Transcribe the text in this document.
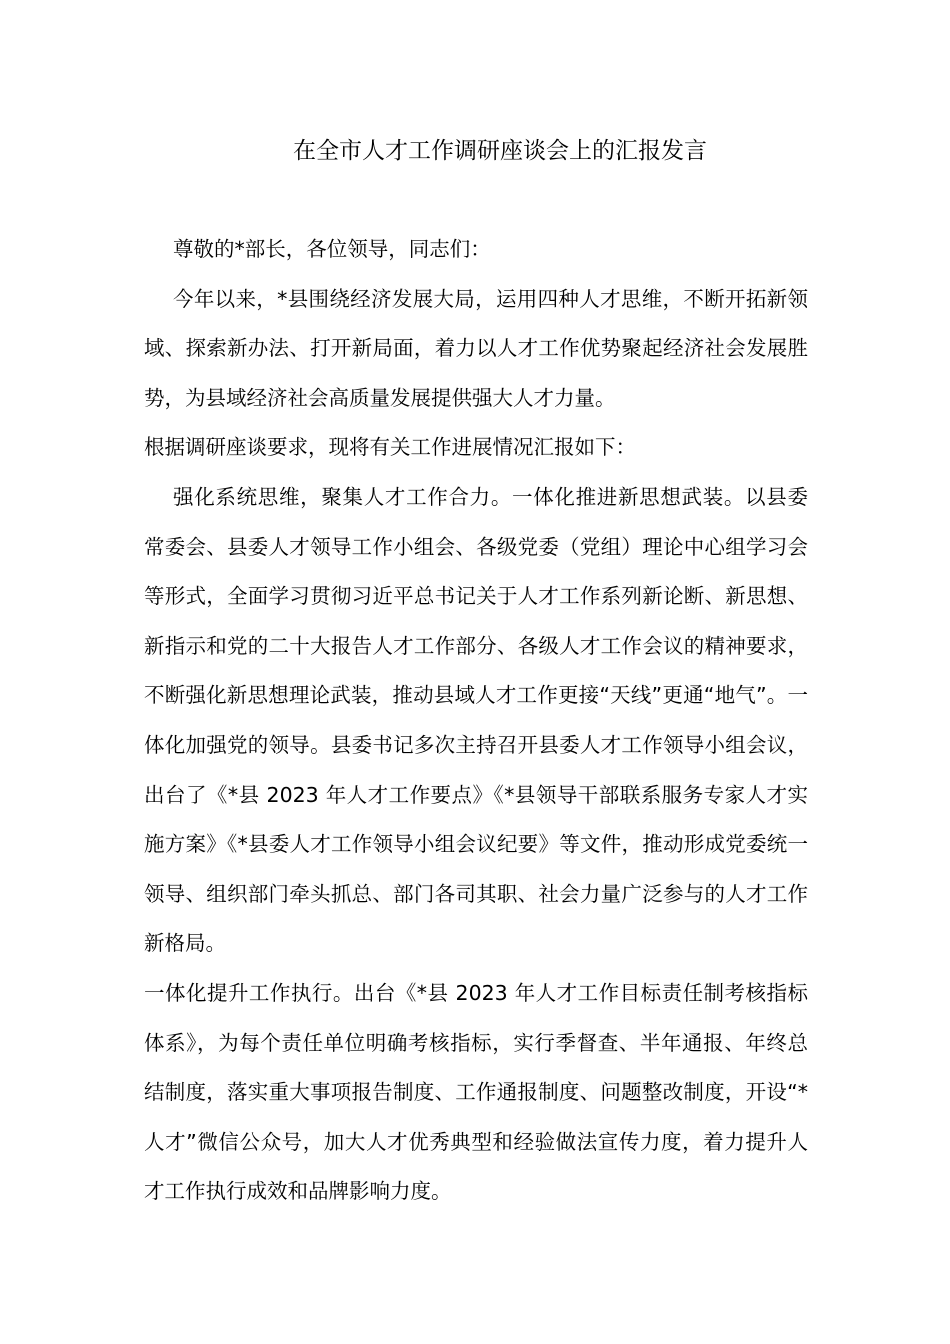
在全市人才工作调研座谈会上的汇报发言

尊敬的*部长，各位领导，同志们：

今年以来，*县围绕经济发展大局，运用四种人才思维，不断开拓新领域、探索新办法、打开新局面，着力以人才工作优势聚起经济社会发展胜势，为县域经济社会高质量发展提供强大人才力量。

根据调研座谈要求，现将有关工作进展情况汇报如下：

强化系统思维，聚集人才工作合力。一体化推进新思想武装。以县委常委会、县委人才领导工作小组会、各级党委（党组）理论中心组学习会等形式，全面学习贯彻习近平总书记关于人才工作系列新论断、新思想、新指示和党的二十大报告人才工作部分、各级人才工作会议的精神要求，不断强化新思想理论武装，推动县域人才工作更接“天线”更通“地气”。一体化加强党的领导。县委书记多次主持召开县委人才工作领导小组会议，出台了《*县 2023 年人才工作要点》《*县领导干部联系服务专家人才实施方案》《*县委人才工作领导小组会议纪要》等文件，推动形成党委统一领导、组织部门牵头抓总、部门各司其职、社会力量广泛参与的人才工作新格局。

一体化提升工作执行。出台《*县 2023 年人才工作目标责任制考核指标体系》，为每个责任单位明确考核指标，实行季督查、半年通报、年终总结制度，落实重大事项报告制度、工作通报制度、问题整改制度，开设“*人才”微信公众号，加大人才优秀典型和经验做法宣传力度，着力提升人才工作执行成效和品牌影响力度。
